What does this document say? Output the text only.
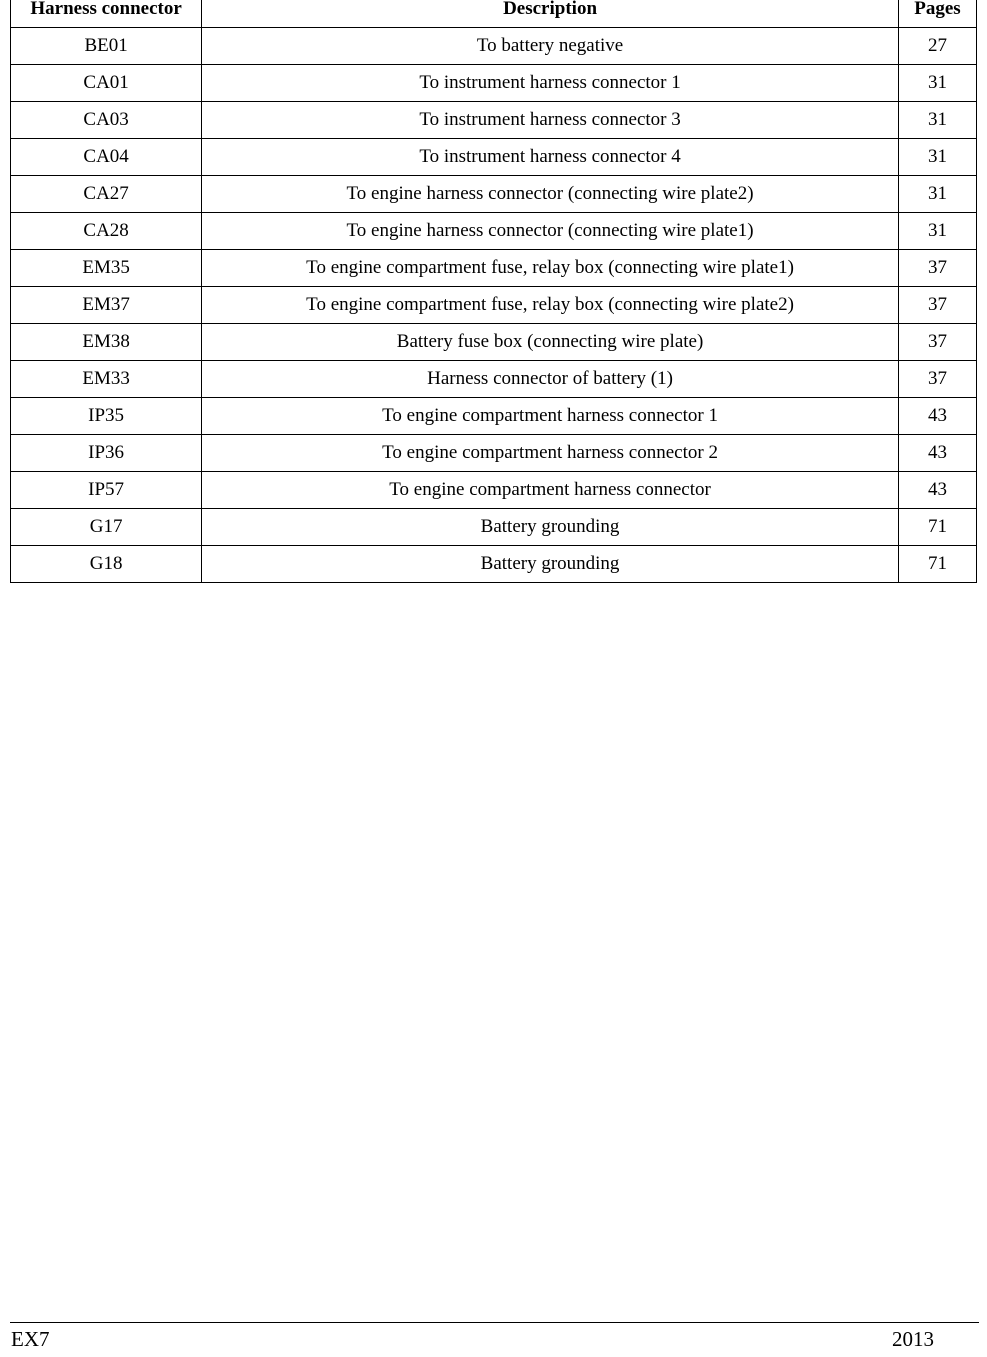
Harness connector	Description	Pages
BE01	To battery negative	27
CA01	To instrument harness connector 1	31
CA03	To instrument harness connector 3	31
CA04	To instrument harness connector 4	31
CA27	To engine harness connector (connecting wire plate2)	31
CA28	To engine harness connector (connecting wire plate1)	31
EM35	To engine compartment fuse, relay box (connecting wire plate1)	37
EM37	To engine compartment fuse, relay box (connecting wire plate2)	37
EM38	Battery fuse box (connecting wire plate)	37
EM33	Harness connector of battery (1)	37
IP35	To engine compartment harness connector 1	43
IP36	To engine compartment harness connector 2	43
IP57	To engine compartment harness connector	43
G17	Battery grounding	71
G18	Battery grounding	71
EX7	2013
